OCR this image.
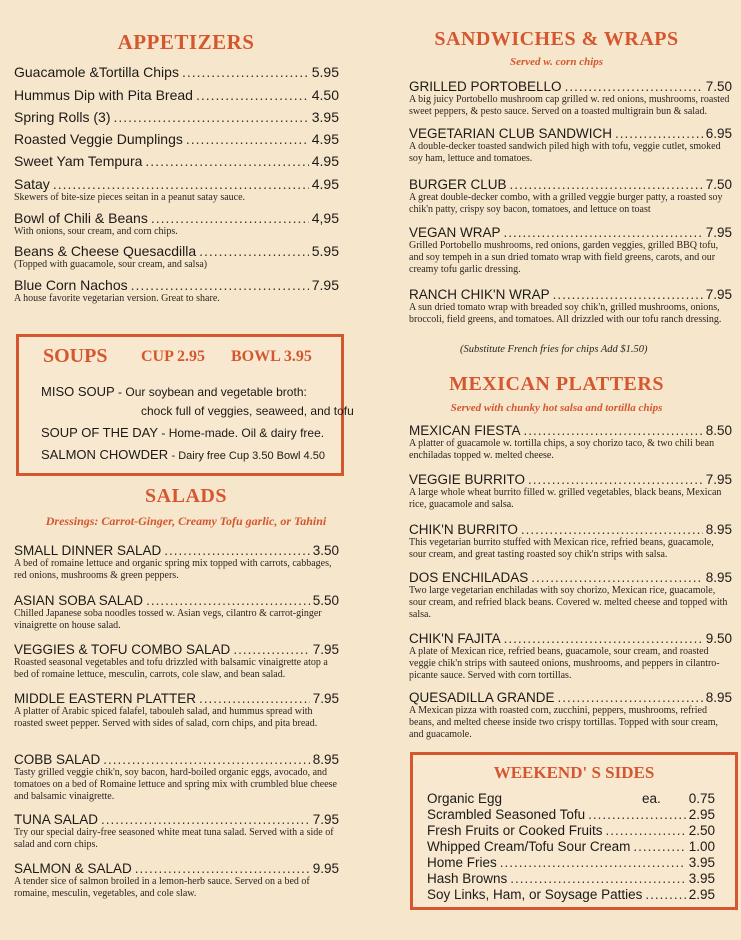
APPETIZERS
Guacamole &Tortilla Chips .....	5.95
Hummus Dip with Pita Bread .....	4.50
Spring Rolls (3) .....	3.95
Roasted Veggie Dumplings .....	4.95
Sweet Yam Tempura .....	4.95
Satay .....	4.95
Skewers of bite-size pieces seitan in a peanut satay sauce.
Bowl of Chili & Beans .....	4,95
With onions, sour cream, and corn chips.
Beans & Cheese Quesacdilla .....	5.95
(Topped with guacamole, sour cream, and salsa)
Blue Corn Nachos .....	7.95
A house favorite vegetarian version. Great to share.
SOUPS CUP 2.95 BOWL 3.95
MISO SOUP - Our soybean and vegetable broth:
chock full of veggies, seaweed, and tofu
SOUP OF THE DAY - Home-made. Oil & dairy free.
SALMON CHOWDER - Dairy free Cup 3.50 Bowl 4.50
SALADS
Dressings: Carrot-Ginger, Creamy Tofu garlic, or Tahini
SMALL DINNER SALAD .....	3.50
A bed of romaine lettuce and organic spring mix topped with carrots, cabbages, red onions, mushrooms & green peppers.
ASIAN SOBA SALAD .....	5.50
Chilled Japanese soba noodles tossed w. Asian vegs, cilantro & carrot-ginger vinaigrette on house salad.
VEGGIES & TOFU COMBO SALAD .....	7.95
Roasted seasonal vegetables and tofu drizzled with balsamic vinaigrette atop a bed of romaine lettuce, mesculin, carrots, cole slaw, and bean salad.
MIDDLE EASTERN PLATTER .....	7.95
A platter of Arabic spiced falafel, tabouleh salad, and hummus spread with roasted sweet pepper. Served with sides of salad, corn chips, and pita bread.
COBB SALAD .....	8.95
Tasty grilled veggie chik'n, soy bacon, hard-boiled organic eggs, avocado, and tomatoes on a bed of Romaine lettuce and spring mix with crumbled blue cheese and balsamic vinaigrette.
TUNA SALAD .....	7.95
Try our special dairy-free seasoned white meat tuna salad. Served with a side of salad and corn chips.
SALMON & SALAD .....	9.95
A tender sice of salmon broiled in a lemon-herb sauce. Served on a bed of romaine, mesculin, vegetables, and cole slaw.
SANDWICHES & WRAPS
Served w. corn chips
GRILLED PORTOBELLO .....	7.50
A big juicy Portobello mushroom cap grilled w. red onions, mushrooms, roasted sweet peppers, & pesto sauce. Served on a toasted multigrain bun & salad.
VEGETARIAN CLUB SANDWICH .....	6.95
A double-decker toasted sandwich piled high with tofu, veggie cutlet, smoked soy ham, lettuce and tomatoes.
BURGER CLUB .....	7.50
A great double-decker combo, with a grilled veggie burger patty, a roasted soy chik'n patty, crispy soy bacon, tomatoes, and lettuce on toast
VEGAN WRAP .....	7.95
Grilled Portobello mushrooms, red onions, garden veggies, grilled BBQ tofu, and soy tempeh in a sun dried tomato wrap with field greens, carots, and our creamy tofu garlic dressing.
RANCH CHIK'N WRAP .....	7.95
A sun dried tomato wrap with breaded soy chik'n, grilled mushrooms, onions, broccoli, field greens, and tomatoes. All drizzled with our tofu ranch dressing.
(Substitute French fries for chips Add $1.50)
MEXICAN PLATTERS
Served with chunky hot salsa and tortilla chips
MEXICAN FIESTA .....	8.50
A platter of guacamole w. tortilla chips, a soy chorizo taco, & two chili bean enchiladas topped w. melted cheese.
VEGGIE BURRITO .....	7.95
A large whole wheat burrito filled w. grilled vegetables, black beans, Mexican rice, guacamole and salsa.
CHIK'N BURRITO .....	8.95
This vegetarian burrito stuffed with Mexican rice, refried beans, guacamole, sour cream, and great tasting roasted soy chik'n strips with salsa.
DOS ENCHILADAS .....	8.95
Two large vegetarian enchiladas with soy chorizo, Mexican rice, guacamole, sour cream, and refried black beans. Covered w. melted cheese and topped with salsa.
CHIK'N FAJITA .....	9.50
A plate of Mexican rice, refried beans, guacamole, sour cream, and roasted veggie chik'n strips with sauteed onions, mushrooms, and peppers in cilantro-picante sauce. Served with corn tortillas.
QUESADILLA GRANDE .....	8.95
A Mexican pizza with roasted corn, zucchini, peppers, mushrooms, refried beans, and melted cheese inside two crispy tortillas. Topped with sour cream, and guacamole.
WEEKEND' S SIDES
Organic Egg	ea. 0.75
Scrambled Seasoned Tofu .....	2.95
Fresh Fruits or Cooked Fruits .....	2.50
Whipped Cream/Tofu Sour Cream .....	1.00
Home Fries .....	3.95
Hash Browns .....	3.95
Soy Links, Ham, or Soysage Patties .....	2.95
